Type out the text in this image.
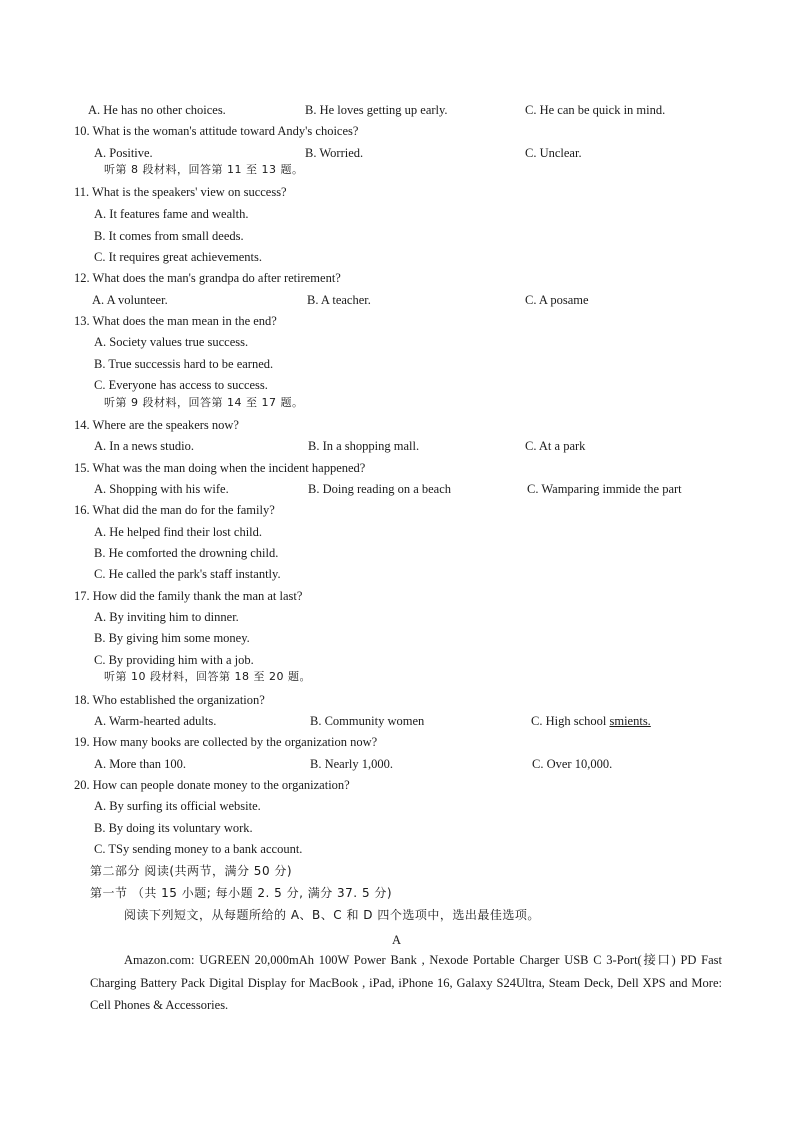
A. He has no other choices.	B. He loves getting up early.	C. He can be quick in mind.
10. What is the woman's attitude toward Andy's choices?
A. Positive.	B. Worried.	C. Unclear.
听第 8 段材料，回答第 11 至 13 题。
11. What is the speakers' view on success?
A. It features fame and wealth.
B. It comes from small deeds.
C. It requires great achievements.
12. What does the man's grandpa do after retirement?
A. A volunteer.	B. A teacher.	C. A posame
13. What does the man mean in the end?
A. Society values true success.
B. True successis hard to be earned.
C. Everyone has access to success.
听第 9 段材料，回答第 14 至 17 题。
14. Where are the speakers now?
A. In a news studio.	B. In a shopping mall.	C. At a park
15. What was the man doing when the incident happened?
A. Shopping with his wife.	B. Doing reading on a beach	C. Wamparing immide the part
16. What did the man do for the family?
A. He helped find their lost child.
B. He comforted the drowning child.
C. He called the park's staff instantly.
17. How did the family thank the man at last?
A. By inviting him to dinner.
B. By giving him some money.
C. By providing him with a job.
听第 10 段材料，回答第 18 至 20 题。
18. Who established the organization?
A. Warm-hearted adults.	B. Community women	C. High school smients.
19. How many books are collected by the organization now?
A. More than 100.	B. Nearly 1,000.	C. Over 10,000.
20. How can people donate money to the organization?
A. By surfing its official website.
B. By doing its voluntary work.
C. TSy sending money to a bank account.
第二部分 阅读(共两节，满分 50 分)
第一节 （共 15 小题; 每小题 2. 5 分, 满分 37. 5 分)
阅读下列短文，从每题所给的 A、B、C 和 D 四个选项中，选出最佳选项。
A
Amazon.com: UGREEN 20,000mAh 100W Power Bank , Nexode Portable Charger USB C 3-Port(接口) PD Fast Charging Battery Pack Digital Display for MacBook , iPad, iPhone 16, Galaxy S24Ultra, Steam Deck, Dell XPS and More: Cell Phones & Accessories.
